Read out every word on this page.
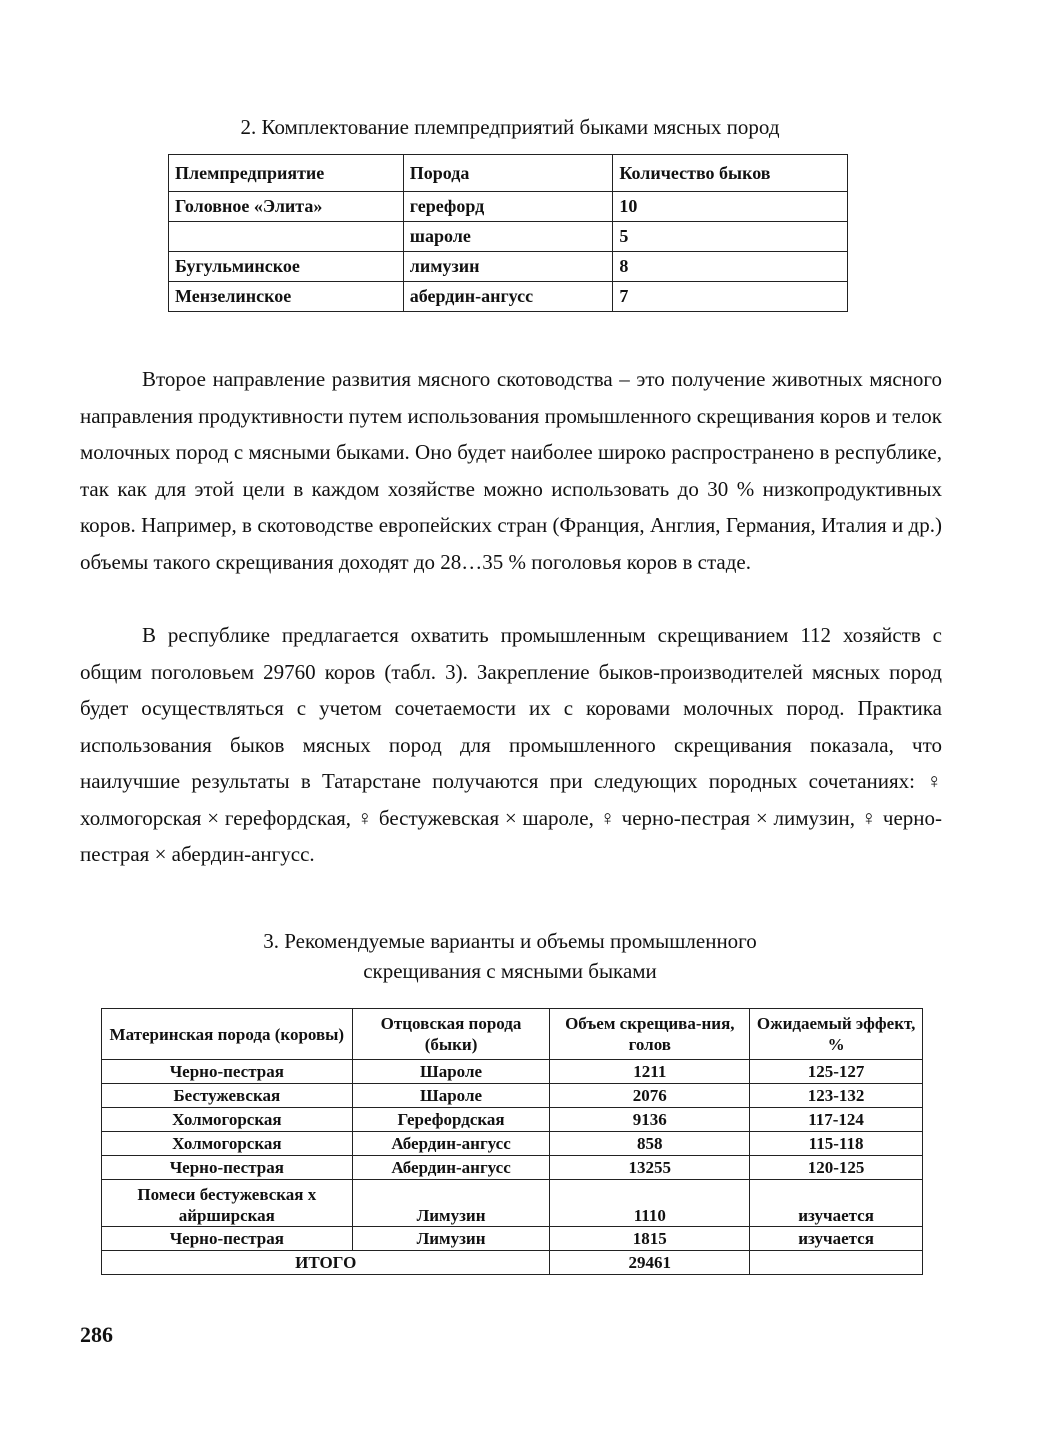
2. Комплектование племпредприятий быками мясных пород
Племпредприятие	Порода	Количество быков
Головное «Элита»	герефорд	10
	шароле	5
Бугульминское	лимузин	8
Мензелинское	абердин-ангусс	7

Второе направление развития мясного скотоводства – это получение животных мясного направления продуктивности путем использования промышленного скрещивания коров и телок молочных пород с мясными быками. Оно будет наиболее широко распространено в республике, так как для этой цели в каждом хозяйстве можно использовать до 30 % низкопродуктивных коров. Например, в скотоводстве европейских стран (Франция, Англия, Германия, Италия и др.) объемы такого скрещивания доходят до 28…35 % поголовья коров в стаде.

В республике предлагается охватить промышленным скрещиванием 112 хозяйств с общим поголовьем 29760 коров (табл. 3). Закрепление быков-производителей мясных пород будет осуществляться с учетом сочетаемости их с коровами молочных пород. Практика использования быков мясных пород для промышленного скрещивания показала, что наилучшие результаты в Татарстане получаются при следующих породных сочетаниях: ♀ холмогорская × герефордская, ♀ бестужевская × шароле, ♀ черно-пестрая × лимузин, ♀ черно-пестрая × абердин-ангусс.

3. Рекомендуемые варианты и объемы промышленного
скрещивания с мясными быками
Материнская порода (коровы)	Отцовская порода (быки)	Объем скрещива-ния, голов	Ожидаемый эффект, %
Черно-пестрая	Шароле	1211	125-127
Бестужевская	Шароле	2076	123-132
Холмогорская	Герефордская	9136	117-124
Холмогорская	Абердин-ангусс	858	115-118
Черно-пестрая	Абердин-ангусс	13255	120-125
Помеси бестужевская х айрширская	Лимузин	1110	изучается
Черно-пестрая	Лимузин	1815	изучается
ИТОГО		29461	
286
